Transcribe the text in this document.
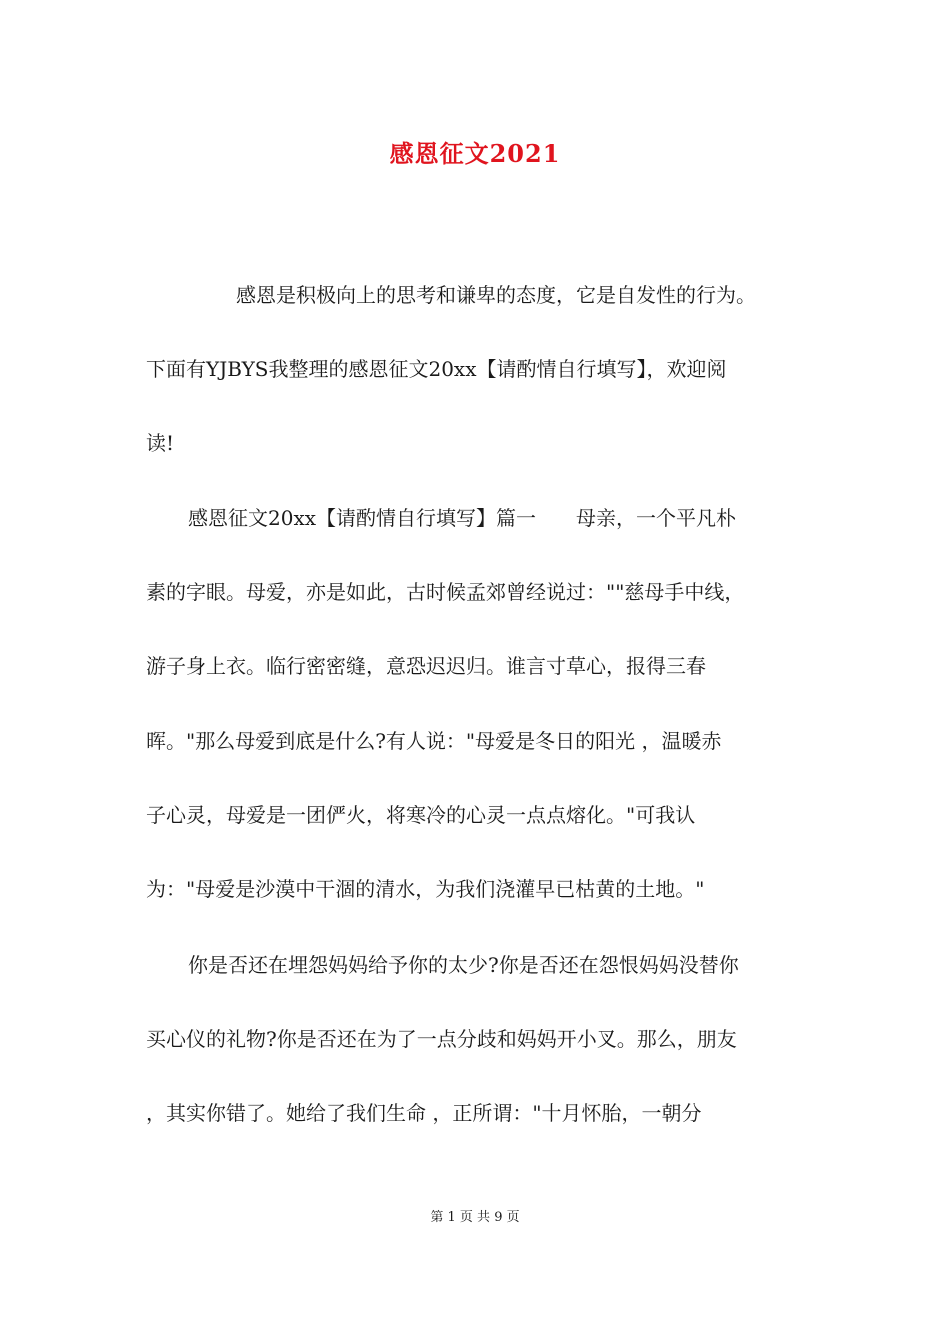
感恩征文2021
感恩是积极向上的思考和谦卑的态度，它是自发性的行为。
下面有YJBYS我整理的感恩征文20xx【请酌情自行填写】，欢迎阅
读!
感恩征文20xx【请酌情自行填写】篇一　　母亲，一个平凡朴
素的字眼。母爱，亦是如此，古时候孟郊曾经说过：""慈母手中线，
游子身上衣。临行密密缝，意恐迟迟归。谁言寸草心，报得三春
晖。"那么母爱到底是什么?有人说："母爱是冬日的阳光 ，温暖赤
子心灵，母爱是一团俨火，将寒冷的心灵一点点熔化。"可我认
为："母爱是沙漠中干涸的清水，为我们浇灌早已枯黄的土地。"
你是否还在埋怨妈妈给予你的太少?你是否还在怨恨妈妈没替你
买心仪的礼物?你是否还在为了一点分歧和妈妈开小叉。那么，朋友
，其实你错了。她给了我们生命 ，正所谓："十月怀胎，一朝分
第 1 页 共 9 页
